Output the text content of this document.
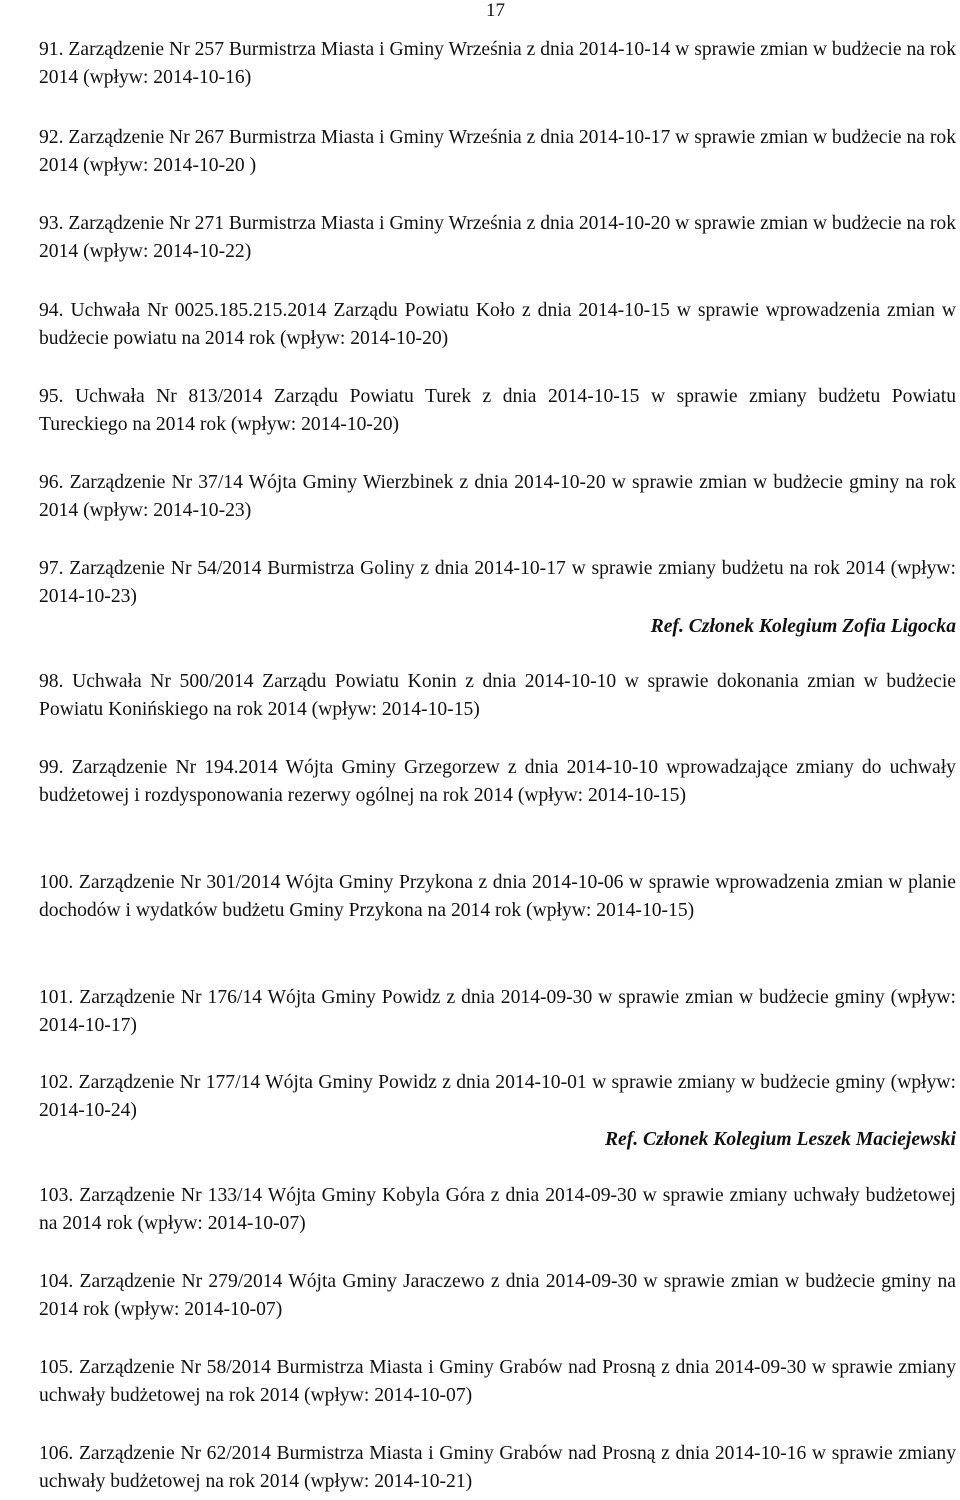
17
91. Zarządzenie Nr 257 Burmistrza Miasta i Gminy Września z dnia 2014-10-14 w sprawie zmian w budżecie na rok 2014 (wpływ: 2014-10-16)
92. Zarządzenie Nr 267 Burmistrza Miasta i Gminy Września z dnia 2014-10-17 w sprawie zmian w budżecie na rok 2014 (wpływ: 2014-10-20 )
93. Zarządzenie Nr 271 Burmistrza Miasta i Gminy Września z dnia 2014-10-20 w sprawie zmian w budżecie na rok 2014 (wpływ: 2014-10-22)
94. Uchwała Nr 0025.185.215.2014 Zarządu Powiatu Koło z dnia 2014-10-15 w sprawie wprowadzenia zmian w budżecie powiatu na 2014 rok (wpływ: 2014-10-20)
95. Uchwała Nr 813/2014 Zarządu Powiatu Turek z dnia 2014-10-15 w sprawie zmiany budżetu Powiatu Tureckiego na 2014 rok (wpływ: 2014-10-20)
96. Zarządzenie Nr 37/14 Wójta Gminy Wierzbinek z dnia 2014-10-20 w sprawie zmian w budżecie gminy na rok 2014 (wpływ: 2014-10-23)
97. Zarządzenie Nr 54/2014 Burmistrza Goliny z dnia 2014-10-17 w sprawie zmiany budżetu na rok 2014 (wpływ: 2014-10-23)
Ref. Członek Kolegium Zofia Ligocka
98. Uchwała Nr 500/2014 Zarządu Powiatu Konin z dnia 2014-10-10 w sprawie dokonania zmian w budżecie Powiatu Konińskiego na rok 2014 (wpływ: 2014-10-15)
99. Zarządzenie Nr 194.2014 Wójta Gminy Grzegorzew z dnia 2014-10-10 wprowadzające zmiany do uchwały budżetowej i rozdysponowania rezerwy ogólnej na rok 2014 (wpływ: 2014-10-15)
100. Zarządzenie Nr 301/2014 Wójta Gminy Przykona z dnia 2014-10-06 w sprawie wprowadzenia zmian w planie dochodów i wydatków budżetu Gminy Przykona na 2014 rok (wpływ: 2014-10-15)
101. Zarządzenie Nr 176/14 Wójta Gminy Powidz z dnia 2014-09-30 w sprawie zmian w budżecie gminy (wpływ: 2014-10-17)
102. Zarządzenie Nr 177/14 Wójta Gminy Powidz z dnia 2014-10-01 w sprawie zmiany w budżecie gminy (wpływ: 2014-10-24)
Ref. Członek Kolegium Leszek Maciejewski
103. Zarządzenie Nr 133/14 Wójta Gminy Kobyla Góra z dnia 2014-09-30 w sprawie zmiany uchwały budżetowej na 2014 rok (wpływ: 2014-10-07)
104. Zarządzenie Nr 279/2014 Wójta Gminy Jaraczewo z dnia 2014-09-30 w sprawie zmian w budżecie gminy na 2014 rok (wpływ: 2014-10-07)
105. Zarządzenie Nr 58/2014 Burmistrza Miasta i Gminy Grabów nad Prosną z dnia 2014-09-30 w sprawie zmiany uchwały budżetowej na rok 2014 (wpływ: 2014-10-07)
106. Zarządzenie Nr 62/2014 Burmistrza Miasta i Gminy Grabów nad Prosną z dnia 2014-10-16 w sprawie zmiany uchwały budżetowej na rok 2014 (wpływ: 2014-10-21)
